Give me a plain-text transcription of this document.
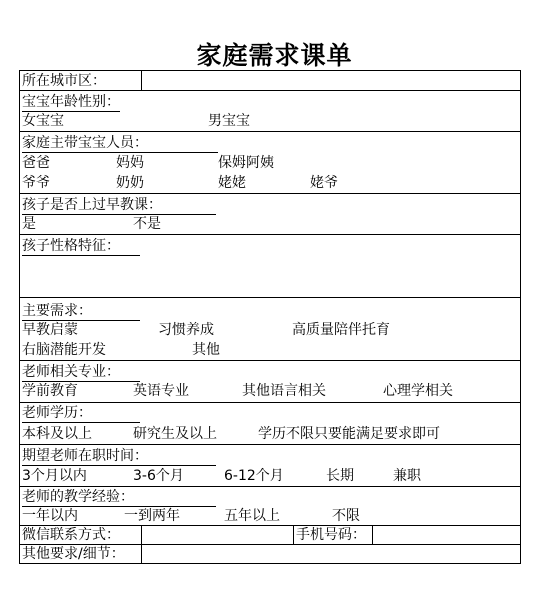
家庭需求课单
所在城市区：
宝宝年龄性别：
女宝宝	男宝宝
家庭主带宝宝人员：
爸爸	妈妈	保姆阿姨
爷爷	奶奶	姥姥	姥爷
孩子是否上过早教课：
是	不是
孩子性格特征：
主要需求：
早教启蒙	习惯养成	高质量陪伴托育
右脑潜能开发	其他
老师相关专业：
学前教育	英语专业	其他语言相关	心理学相关
老师学历：
本科及以上	研究生及以上	学历不限只要能满足要求即可
期望老师在职时间：
3个月以内	3-6个月	6-12个月	长期	兼职
老师的教学经验：
一年以内	一到两年	五年以上	不限
微信联系方式：	手机号码：
其他要求/细节：
